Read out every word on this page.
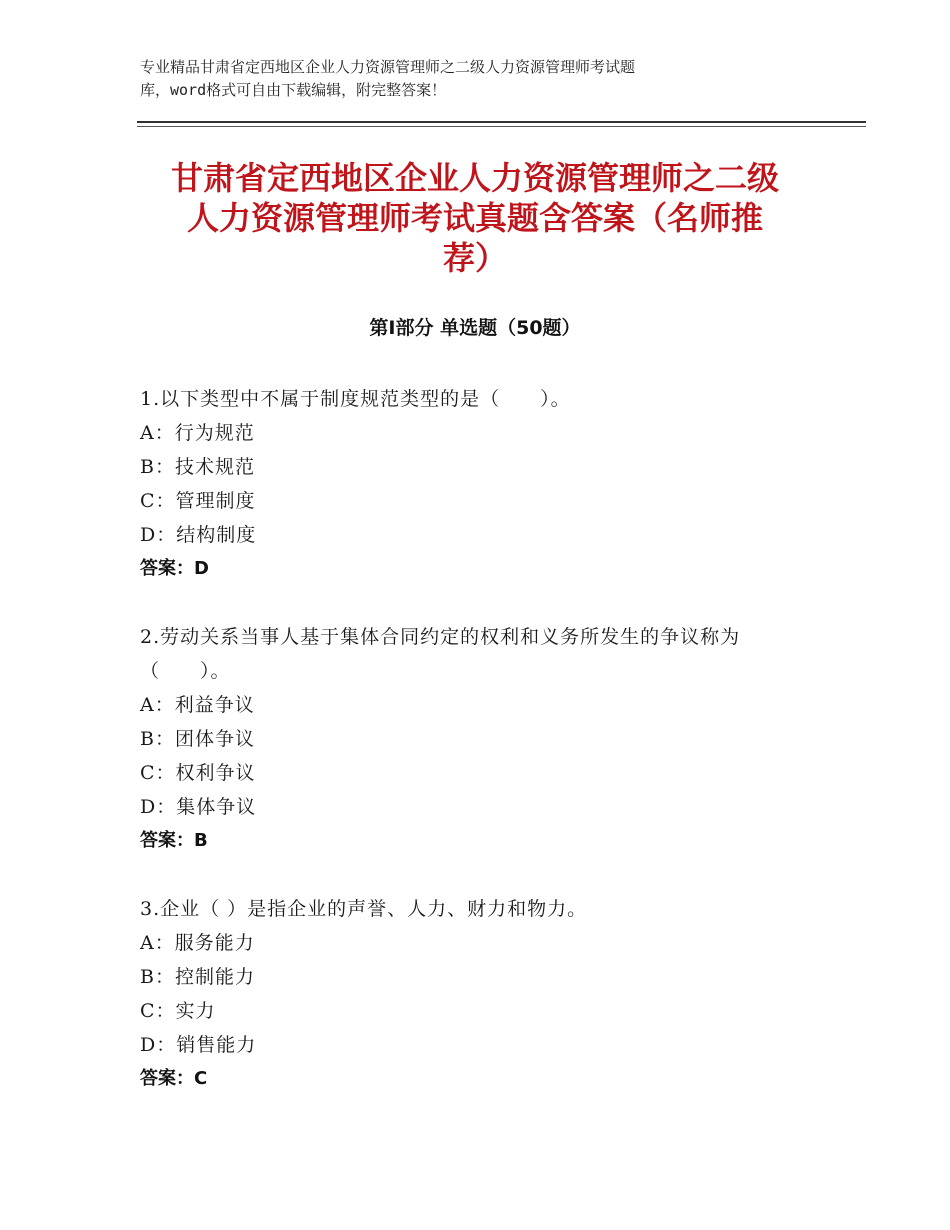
专业精品甘肃省定西地区企业人力资源管理师之二级人力资源管理师考试题
库，word格式可自由下载编辑，附完整答案！
甘肃省定西地区企业人力资源管理师之二级
人力资源管理师考试真题含答案（名师推
荐）
第Ⅰ部分 单选题（50题）
1.以下类型中不属于制度规范类型的是（　　）。
A：行为规范
B：技术规范
C：管理制度
D：结构制度
答案：D
2.劳动关系当事人基于集体合同约定的权利和义务所发生的争议称为
（　　）。
A：利益争议
B：团体争议
C：权利争议
D：集体争议
答案：B
3.企业（ ）是指企业的声誉、人力、财力和物力。
A：服务能力
B：控制能力
C：实力
D：销售能力
答案：C
